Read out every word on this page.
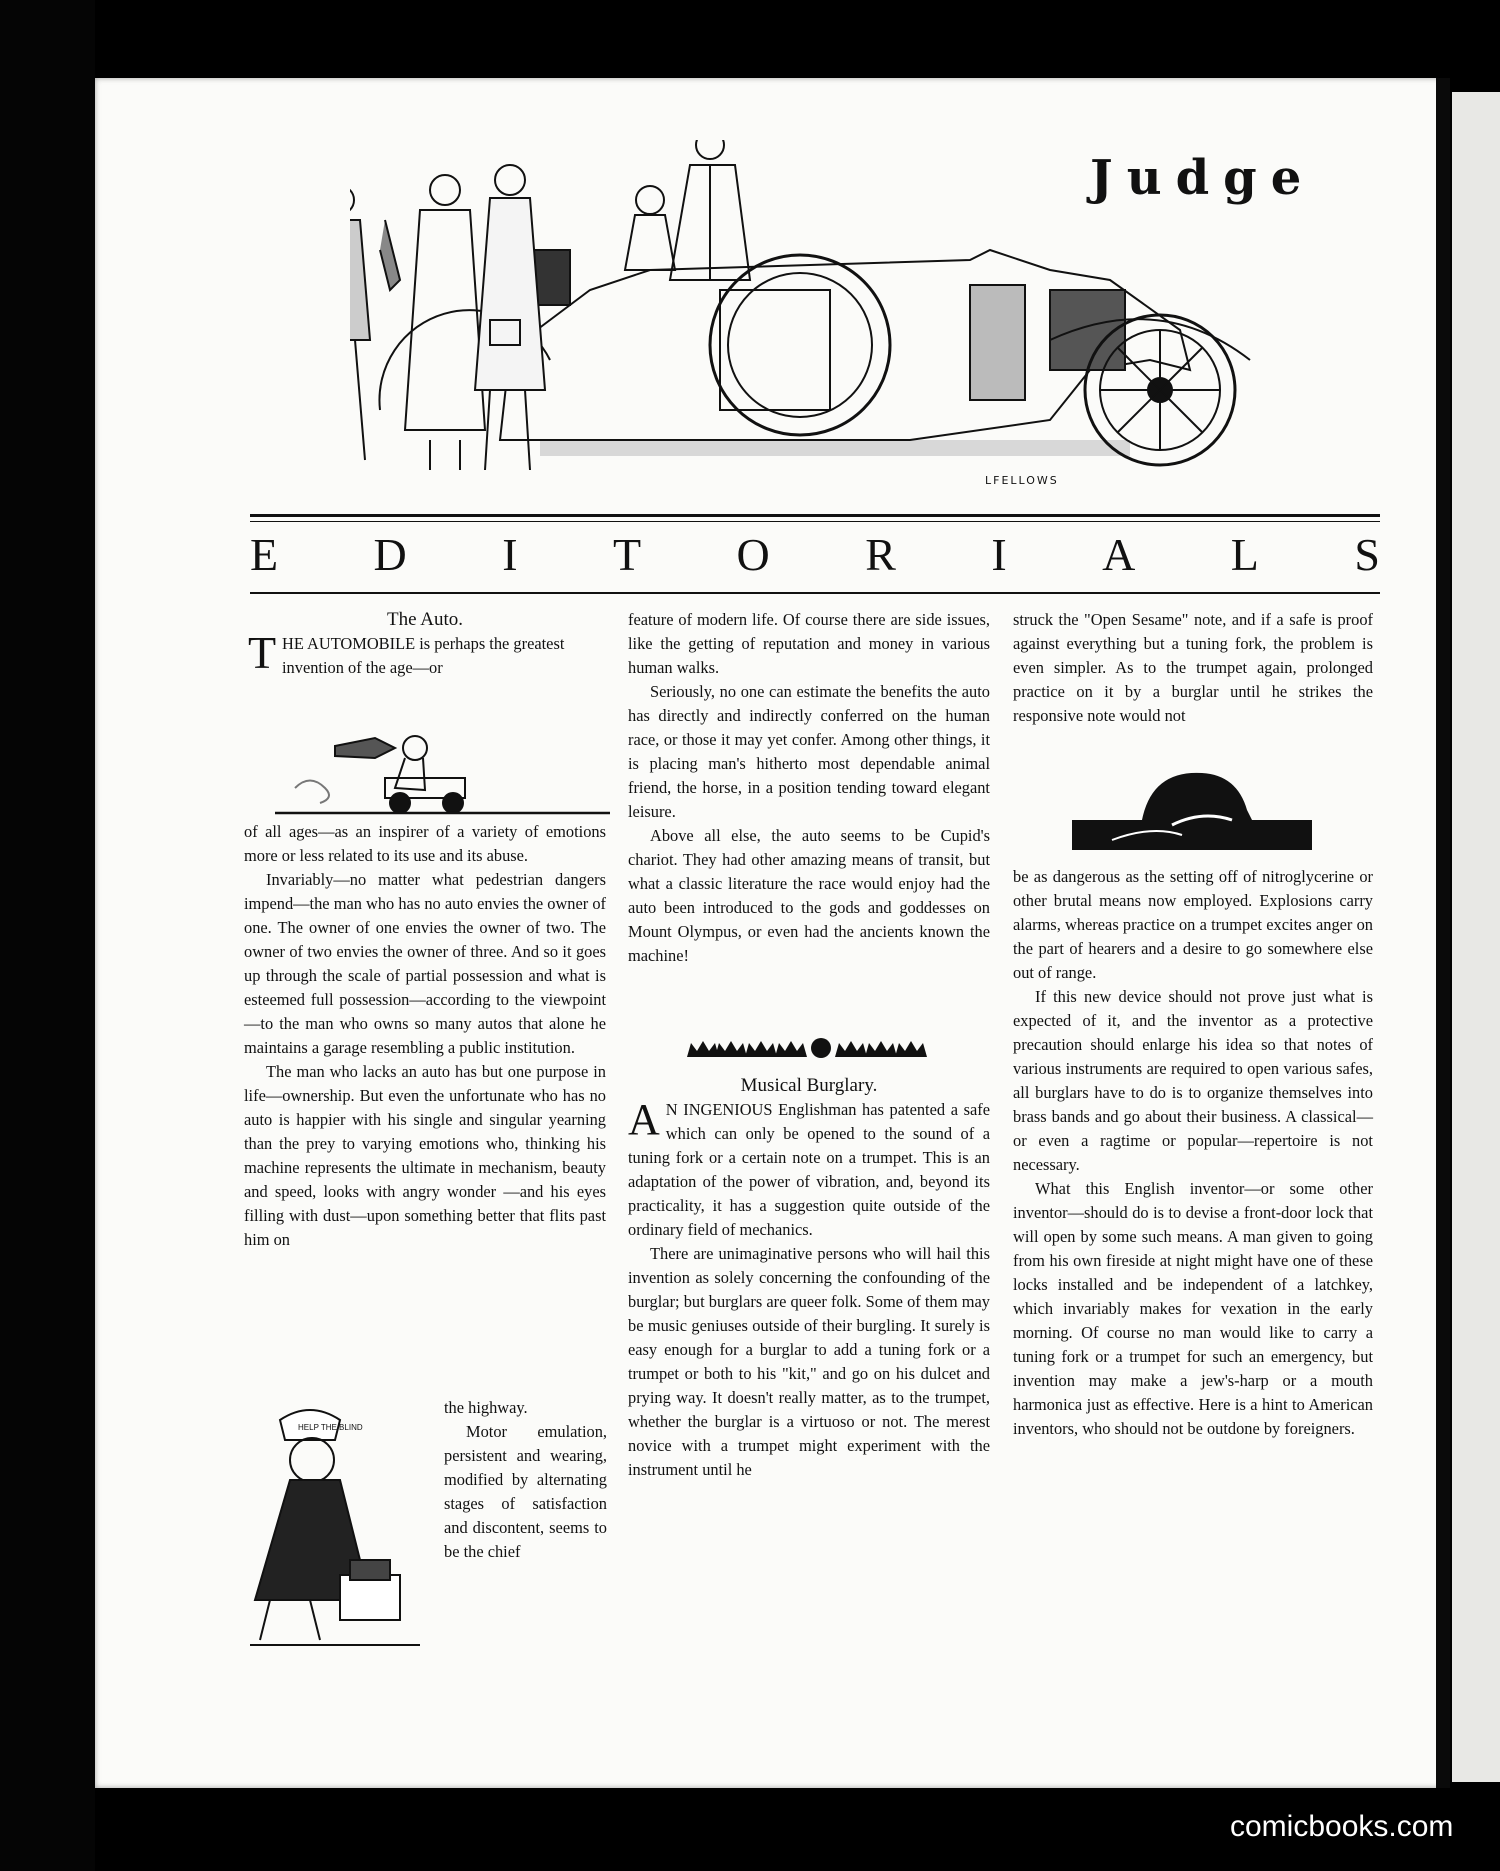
Judge
LFELLOWS
E D I T O R I A L S

The Auto.

T HE AUTOMOBILE is perhaps the greatest invention of the age—or

of all ages—as an inspirer of a variety of emotions more or less related to its use and its abuse.

Invariably—no matter what pedestrian dangers impend—the man who has no auto envies the owner of one. The owner of one envies the owner of two. The owner of two envies the owner of three. And so it goes up through the scale of partial possession and what is esteemed full possession—according to the viewpoint—to the man who owns so many autos that alone he maintains a garage resembling a public institution.

The man who lacks an auto has but one purpose in life—ownership. But even the unfortunate who has no auto is happier with his single and singular yearning than the prey to varying emotions who, thinking his machine represents the ultimate in mechanism, beauty and speed, looks with angry wonder —and his eyes filling with dust—upon something better that flits past him on

HELP THE BLIND

the highway.

Motor emulation, persistent and wearing, modified by alternating stages of satisfaction and discontent, seems to be the chief

feature of modern life. Of course there are side issues, like the getting of reputation and money in various human walks.

Seriously, no one can estimate the benefits the auto has directly and indirectly conferred on the human race, or those it may yet confer. Among other things, it is placing man's hitherto most dependable animal friend, the horse, in a position tending toward elegant leisure.

Above all else, the auto seems to be Cupid's chariot. They had other amazing means of transit, but what a classic literature the race would enjoy had the auto been introduced to the gods and goddesses on Mount Olympus, or even had the ancients known the machine!

Musical Burglary.

A N INGENIOUS Englishman has patented a safe which can only be opened to the sound of a tuning fork or a certain note on a trumpet. This is an adaptation of the power of vibration, and, beyond its practicality, it has a suggestion quite outside of the ordinary field of mechanics.

There are unimaginative persons who will hail this invention as solely concerning the confounding of the burglar; but burglars are queer folk. Some of them may be music geniuses outside of their burgling. It surely is easy enough for a burglar to add a tuning fork or a trumpet or both to his "kit," and go on his dulcet and prying way. It doesn't really matter, as to the trumpet, whether the burglar is a virtuoso or not. The merest novice with a trumpet might experiment with the instrument until he

struck the "Open Sesame" note, and if a safe is proof against everything but a tuning fork, the problem is even simpler. As to the trumpet again, prolonged practice on it by a burglar until he strikes the responsive note would not

be as dangerous as the setting off of nitroglycerine or other brutal means now employed. Explosions carry alarms, whereas practice on a trumpet excites anger on the part of hearers and a desire to go somewhere else out of range.

If this new device should not prove just what is expected of it, and the inventor as a protective precaution should enlarge his idea so that notes of various instruments are required to open various safes, all burglars have to do is to organize themselves into brass bands and go about their business. A classical— or even a ragtime or popular—repertoire is not necessary.

What this English inventor—or some other inventor—should do is to devise a front-door lock that will open by some such means. A man given to going from his own fireside at night might have one of these locks installed and be independent of a latchkey, which invariably makes for vexation in the early morning. Of course no man would like to carry a tuning fork or a trumpet for such an emergency, but invention may make a jew's-harp or a mouth harmonica just as effective. Here is a hint to American inventors, who should not be outdone by foreigners.

comicbooks.com
